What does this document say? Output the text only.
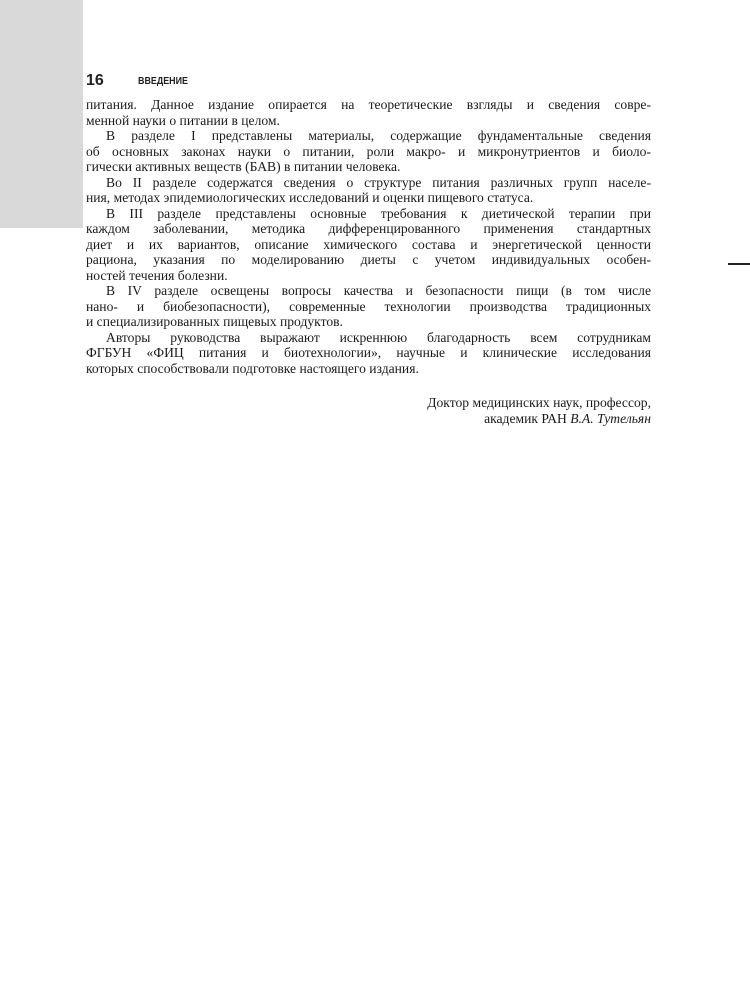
16	ВВЕДЕНИЕ
питания. Данное издание опирается на теоретические взгляды и сведения совре-
менной науки о питании в целом.
В разделе I представлены материалы, содержащие фундаментальные сведения
об основных законах науки о питании, роли макро- и микронутриентов и биоло-
гически активных веществ (БАВ) в питании человека.
Во II разделе содержатся сведения о структуре питания различных групп населе-
ния, методах эпидемиологических исследований и оценки пищевого статуса.
В III разделе представлены основные требования к диетической терапии при
каждом заболевании, методика дифференцированного применения стандартных
диет и их вариантов, описание химического состава и энергетической ценности
рациона, указания по моделированию диеты с учетом индивидуальных особен-
ностей течения болезни.
В IV разделе освещены вопросы качества и безопасности пищи (в том числе
нано- и биобезопасности), современные технологии производства традиционных
и специализированных пищевых продуктов.
Авторы руководства выражают искреннюю благодарность всем сотрудникам
ФГБУН «ФИЦ питания и биотехнологии», научные и клинические исследования
которых способствовали подготовке настоящего издания.
Доктор медицинских наук, профессор,
академик РАН В.А. Тутельян
